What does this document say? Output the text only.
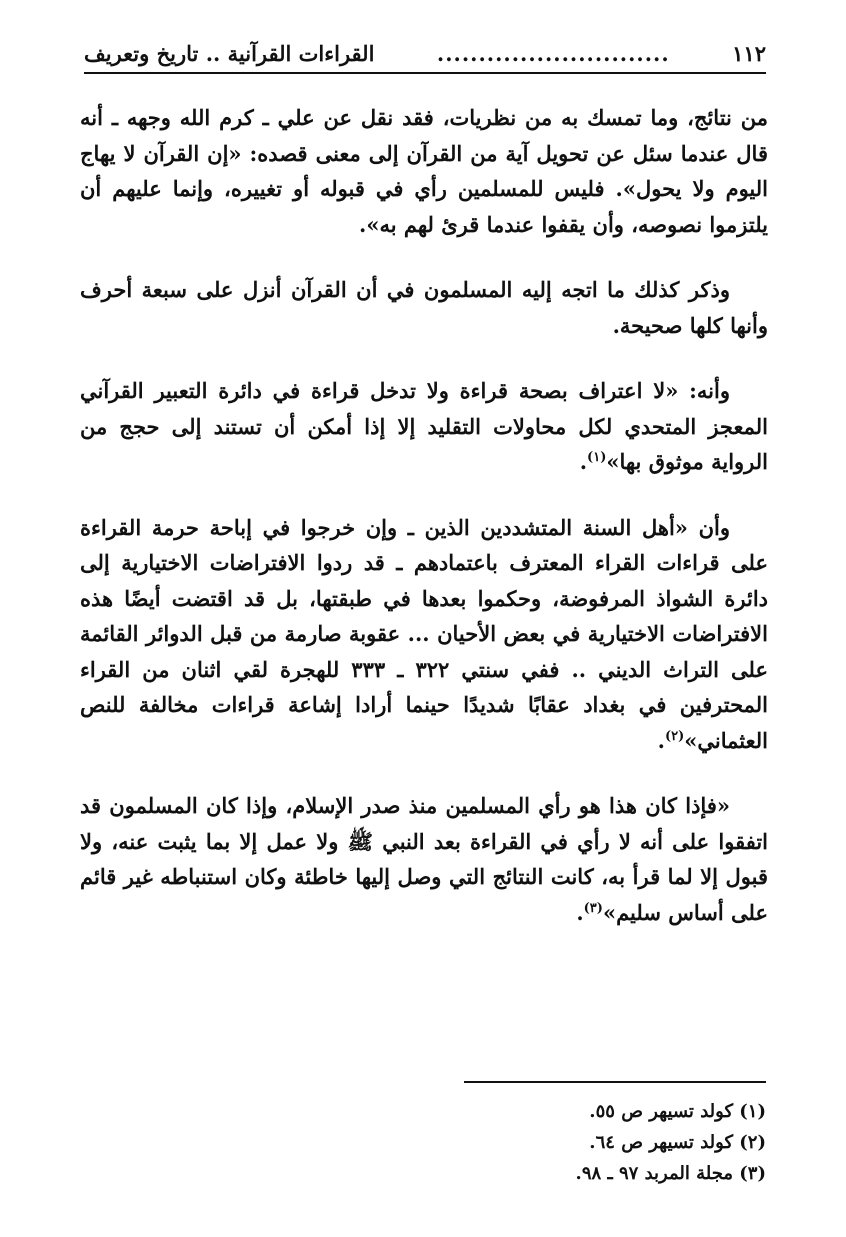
١١٢
............................
القراءات القرآنية .. تاريخ وتعريف

من نتائج، وما تمسك به من نظريات، فقد نقل عن علي ـ كرم الله وجهه ـ أنه قال عندما سئل عن تحويل آية من القرآن إلى معنى قصده: «إن القرآن لا يهاج اليوم ولا يحول». فليس للمسلمين رأي في قبوله أو تغييره، وإنما عليهم أن يلتزموا نصوصه، وأن يقفوا عندما قرئ لهم به».

وذكر كذلك ما اتجه إليه المسلمون في أن القرآن أنزل على سبعة أحرف وأنها كلها صحيحة.

وأنه: «لا اعتراف بصحة قراءة ولا تدخل قراءة في دائرة التعبير القرآني المعجز المتحدي لكل محاولات التقليد إلا إذا أمكن أن تستند إلى حجج من الرواية موثوق بها»$^{(١)}$.

وأن «أهل السنة المتشددين الذين ـ وإن خرجوا في إباحة حرمة القراءة على قراءات القراء المعترف باعتمادهم ـ قد ردوا الافتراضات الاختيارية إلى دائرة الشواذ المرفوضة، وحكموا بعدها في طبقتها، بل قد اقتضت أيضًا هذه الافتراضات الاختيارية في بعض الأحيان ... عقوبة صارمة من قبل الدوائر القائمة على التراث الديني .. ففي سنتي ٣٢٢ ـ ٣٣٣ للهجرة لقي اثنان من القراء المحترفين في بغداد عقابًا شديدًا حينما أرادا إشاعة قراءات مخالفة للنص العثماني»$^{(٢)}$.

«فإذا كان هذا هو رأي المسلمين منذ صدر الإسلام، وإذا كان المسلمون قد اتفقوا على أنه لا رأي في القراءة بعد النبي ﷺ ولا عمل إلا بما يثبت عنه، ولا قبول إلا لما قرأ به، كانت النتائج التي وصل إليها خاطئة وكان استنباطه غير قائم على أساس سليم»$^{(٣)}$.

(١) كولد تسيهر ص ٥٥.
(٢) كولد تسيهر ص ٦٤.
(٣) مجلة المربد ٩٧ ـ ٩٨.
